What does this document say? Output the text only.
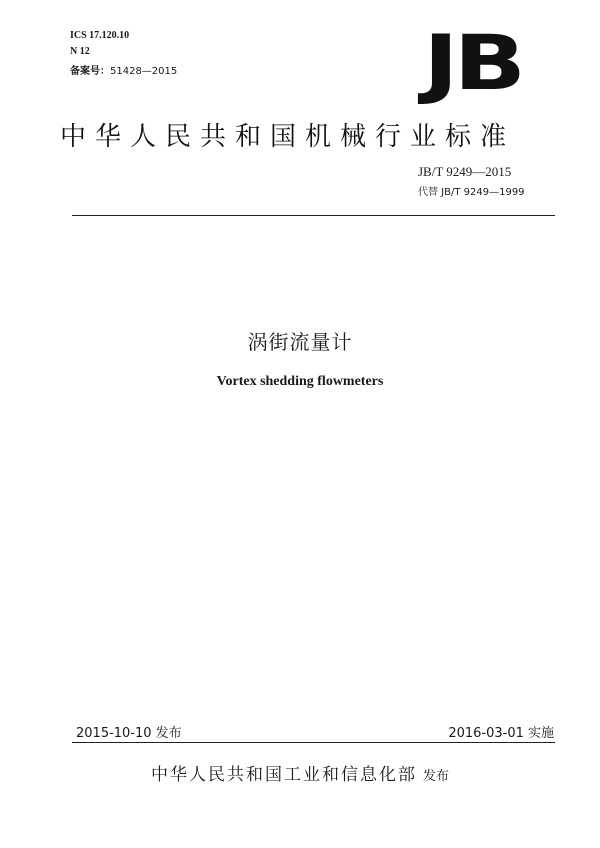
ICS 17.120.10
N 12
备案号：51428—2015	JB
中华人民共和国机械行业标准
JB/T 9249—2015
代替 JB/T 9249—1999
涡街流量计
Vortex shedding flowmeters
2015-10-10 发布	2016-03-01 实施
中华人民共和国工业和信息化部 发布
